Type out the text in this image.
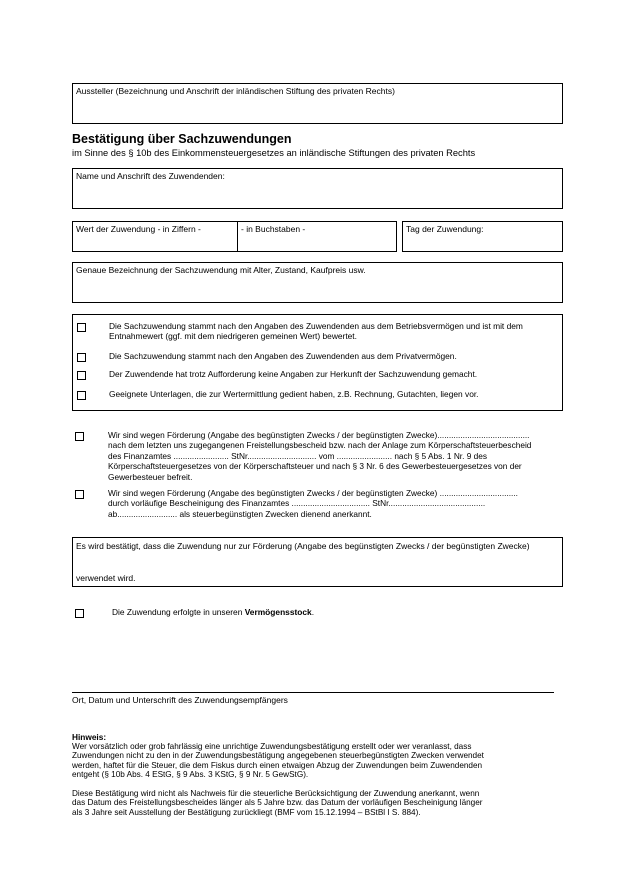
Aussteller (Bezeichnung und Anschrift der inländischen Stiftung des privaten Rechts)
Bestätigung über Sachzuwendungen
im Sinne des § 10b des Einkommensteuergesetzes an inländische Stiftungen des privaten Rechts
Name und Anschrift des Zuwendenden:
Wert der Zuwendung - in Ziffern -	- in Buchstaben -	Tag der Zuwendung:
Genaue Bezeichnung der Sachzuwendung mit Alter, Zustand, Kaufpreis usw.
Die Sachzuwendung stammt nach den Angaben des Zuwendenden aus dem Betriebsvermögen und ist mit dem Entnahmewert (ggf. mit dem niedrigeren gemeinen Wert) bewertet.
Die Sachzuwendung stammt nach den Angaben des Zuwendenden aus dem Privatvermögen.
Der Zuwendende hat trotz Aufforderung keine Angaben zur Herkunft der Sachzuwendung gemacht.
Geeignete Unterlagen, die zur Wertermittlung gedient haben, z.B. Rechnung, Gutachten, liegen vor.
Wir sind wegen Förderung (Angabe des begünstigten Zwecks / der begünstigten Zwecke)........................................
nach dem letzten uns zugegangenen Freistellungsbescheid bzw. nach der Anlage zum Körperschaftsteuerbescheid
des Finanzamtes ........................ StNr.............................. vom ........................ nach § 5 Abs. 1 Nr. 9 des
Körperschaftsteuergesetzes von der Körperschaftsteuer und nach § 3 Nr. 6 des Gewerbesteuergesetzes von der
Gewerbesteuer befreit.
Wir sind wegen Förderung (Angabe des begünstigten Zwecks / der begünstigten Zwecke) ..................................
durch vorläufige Bescheinigung des Finanzamtes .................................. StNr..........................................
ab.......................... als steuerbegünstigten Zwecken dienend anerkannt.
Es wird bestätigt, dass die Zuwendung nur zur Förderung (Angabe des begünstigten Zwecks / der begünstigten Zwecke)
verwendet wird.
Die Zuwendung erfolgte in unseren Vermögensstock.
Ort, Datum und Unterschrift des Zuwendungsempfängers
Hinweis:
Wer vorsätzlich oder grob fahrlässig eine unrichtige Zuwendungsbestätigung erstellt oder wer veranlasst, dass
Zuwendungen nicht zu den in der Zuwendungsbestätigung angegebenen steuerbegünstigten Zwecken verwendet
werden, haftet für die Steuer, die dem Fiskus durch einen etwaigen Abzug der Zuwendungen beim Zuwendenden
entgeht (§ 10b Abs. 4 EStG, § 9 Abs. 3 KStG, § 9 Nr. 5 GewStG).
Diese Bestätigung wird nicht als Nachweis für die steuerliche Berücksichtigung der Zuwendung anerkannt, wenn
das Datum des Freistellungsbescheides länger als 5 Jahre bzw. das Datum der vorläufigen Bescheinigung länger
als 3 Jahre seit Ausstellung der Bestätigung zurückliegt (BMF vom 15.12.1994 – BStBl I S. 884).
